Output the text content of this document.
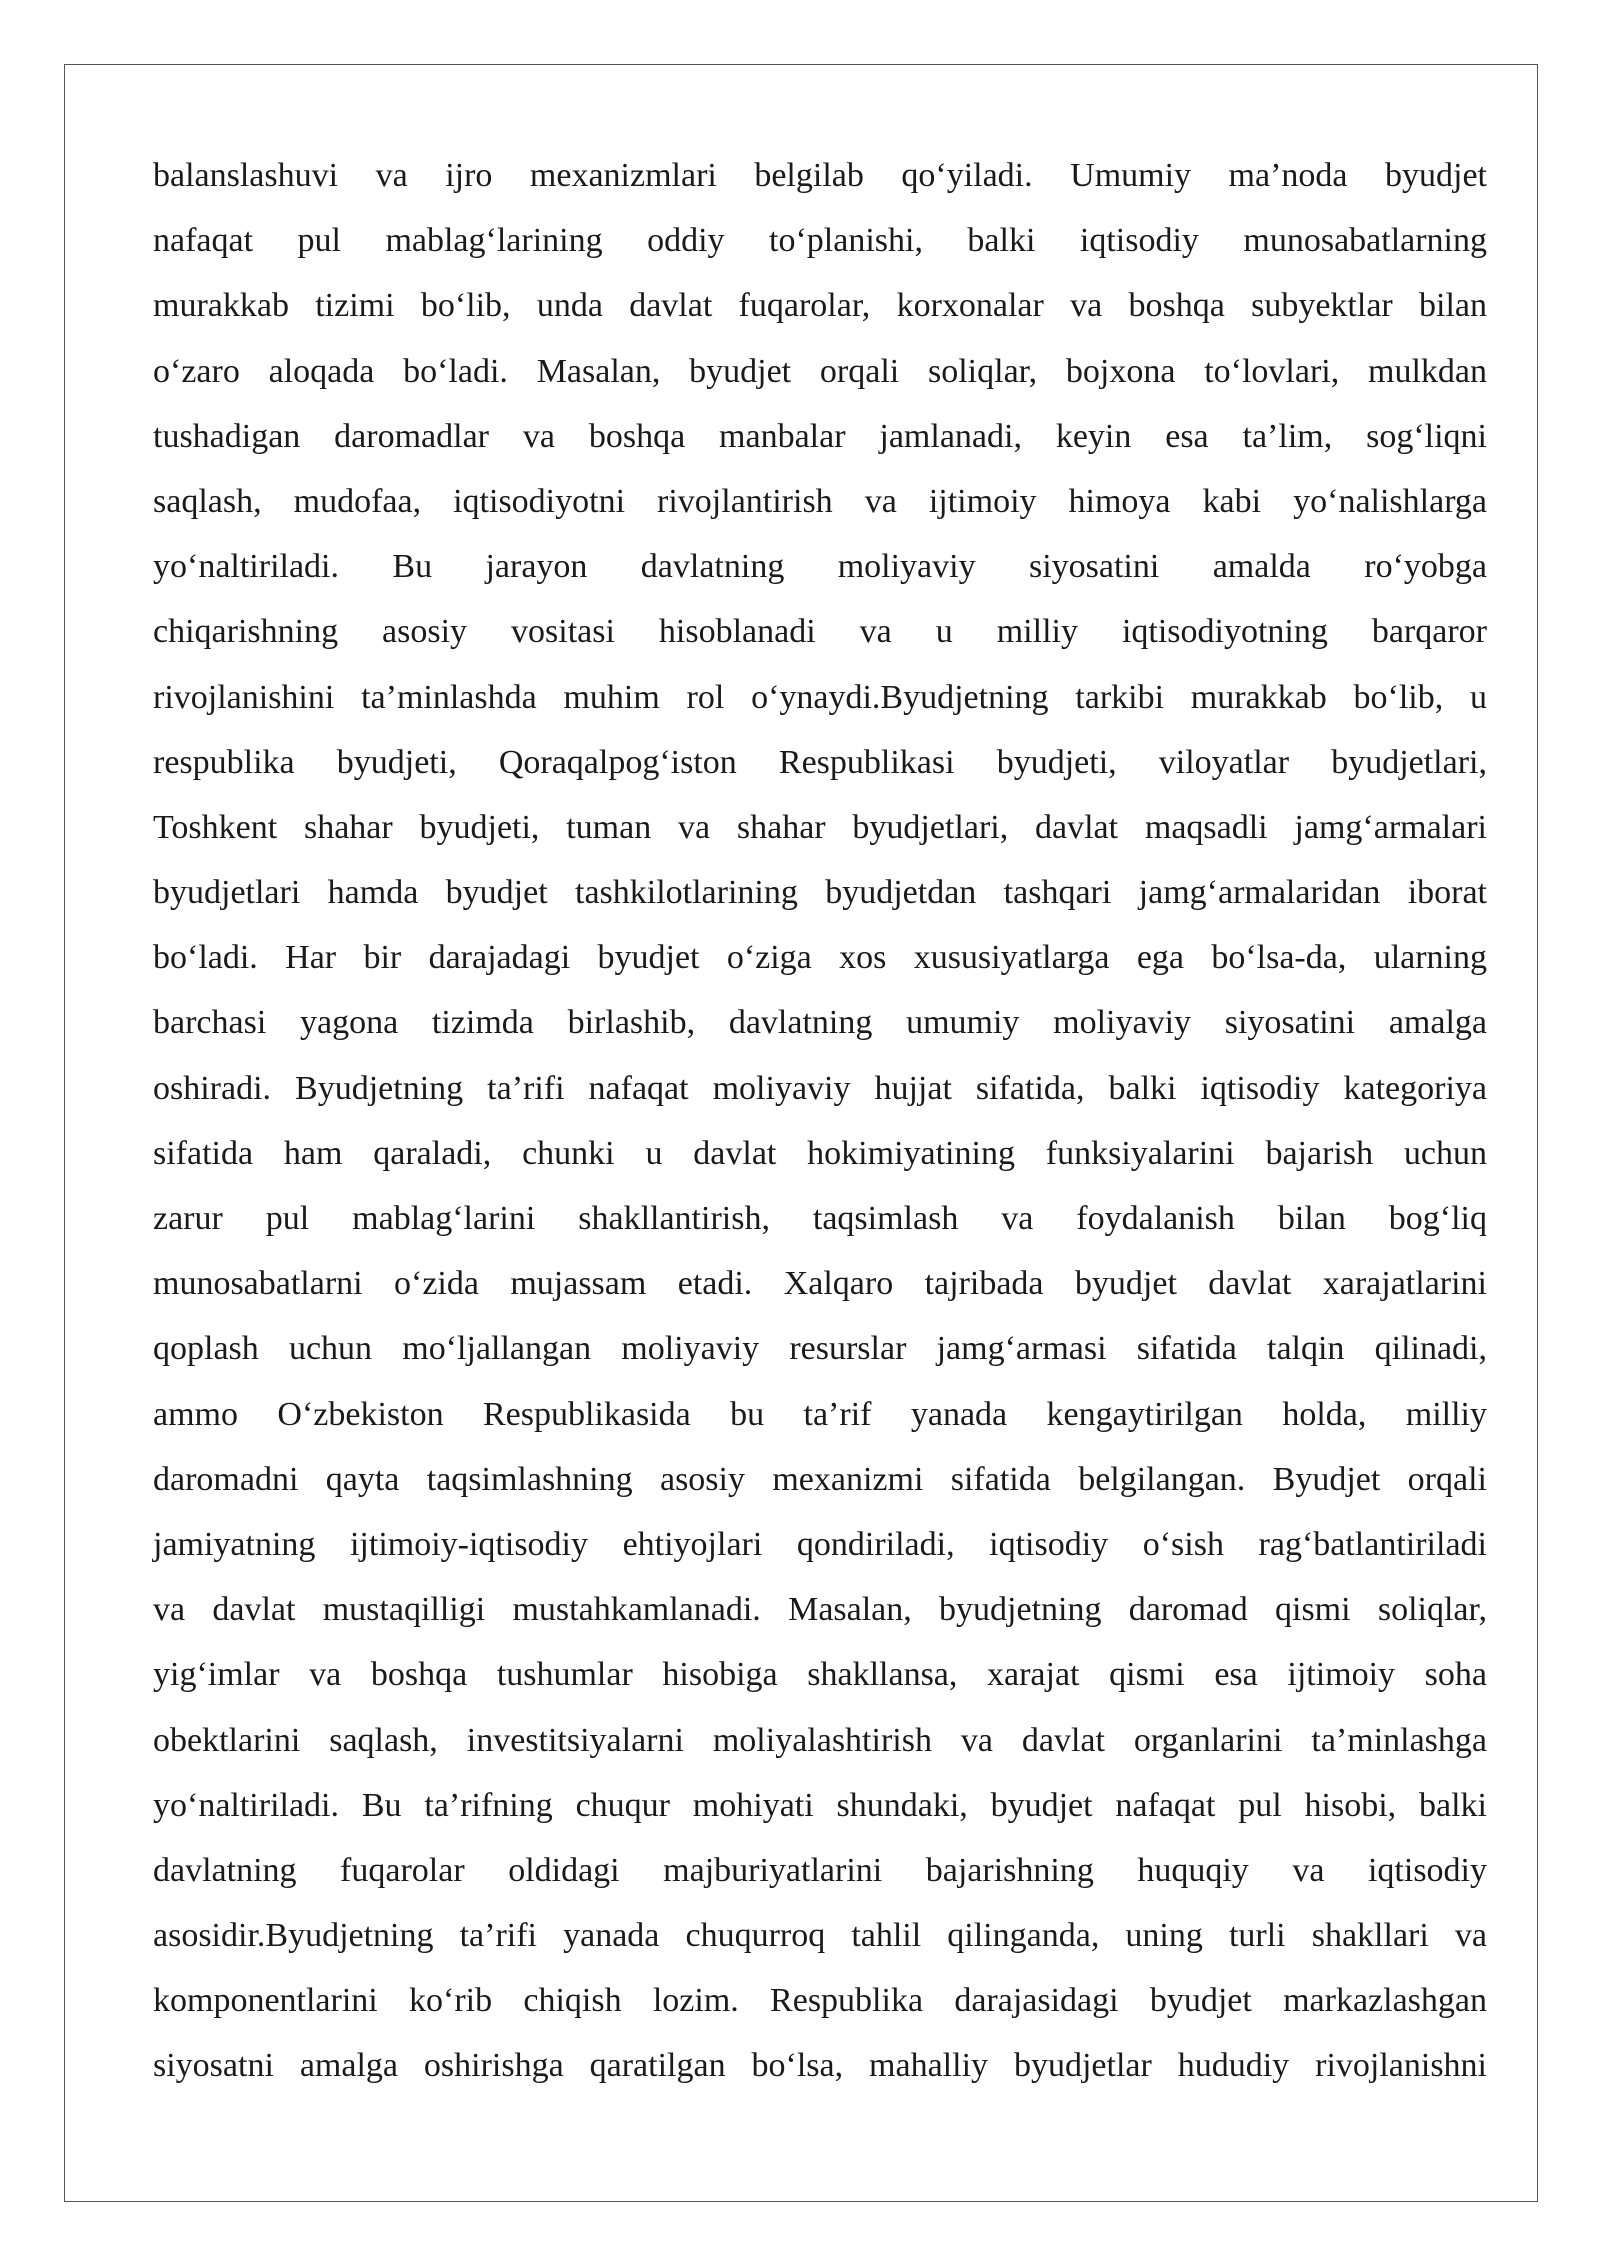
balanslashuvi va ijro mexanizmlari belgilab qo‘yiladi. Umumiy ma’noda byudjet
nafaqat pul mablag‘larining oddiy to‘planishi, balki iqtisodiy munosabatlarning
murakkab tizimi bo‘lib, unda davlat fuqarolar, korxonalar va boshqa subyektlar bilan
o‘zaro aloqada bo‘ladi. Masalan, byudjet orqali soliqlar, bojxona to‘lovlari, mulkdan
tushadigan daromadlar va boshqa manbalar jamlanadi, keyin esa ta’lim, sog‘liqni
saqlash, mudofaa, iqtisodiyotni rivojlantirish va ijtimoiy himoya kabi yo‘nalishlarga
yo‘naltiriladi. Bu jarayon davlatning moliyaviy siyosatini amalda ro‘yobga
chiqarishning asosiy vositasi hisoblanadi va u milliy iqtisodiyotning barqaror
rivojlanishini ta’minlashda muhim rol o‘ynaydi.Byudjetning tarkibi murakkab bo‘lib, u
respublika byudjeti, Qoraqalpog‘iston Respublikasi byudjeti, viloyatlar byudjetlari,
Toshkent shahar byudjeti, tuman va shahar byudjetlari, davlat maqsadli jamg‘armalari
byudjetlari hamda byudjet tashkilotlarining byudjetdan tashqari jamg‘armalaridan iborat
bo‘ladi. Har bir darajadagi byudjet o‘ziga xos xususiyatlarga ega bo‘lsa-da, ularning
barchasi yagona tizimda birlashib, davlatning umumiy moliyaviy siyosatini amalga
oshiradi. Byudjetning ta’rifi nafaqat moliyaviy hujjat sifatida, balki iqtisodiy kategoriya
sifatida ham qaraladi, chunki u davlat hokimiyatining funksiyalarini bajarish uchun
zarur pul mablag‘larini shakllantirish, taqsimlash va foydalanish bilan bog‘liq
munosabatlarni o‘zida mujassam etadi. Xalqaro tajribada byudjet davlat xarajatlarini
qoplash uchun mo‘ljallangan moliyaviy resurslar jamg‘armasi sifatida talqin qilinadi,
ammo O‘zbekiston Respublikasida bu ta’rif yanada kengaytirilgan holda, milliy
daromadni qayta taqsimlashning asosiy mexanizmi sifatida belgilangan. Byudjet orqali
jamiyatning ijtimoiy-iqtisodiy ehtiyojlari qondiriladi, iqtisodiy o‘sish rag‘batlantiriladi
va davlat mustaqilligi mustahkamlanadi. Masalan, byudjetning daromad qismi soliqlar,
yig‘imlar va boshqa tushumlar hisobiga shakllansa, xarajat qismi esa ijtimoiy soha
obektlarini saqlash, investitsiyalarni moliyalashtirish va davlat organlarini ta’minlashga
yo‘naltiriladi. Bu ta’rifning chuqur mohiyati shundaki, byudjet nafaqat pul hisobi, balki
davlatning fuqarolar oldidagi majburiyatlarini bajarishning huquqiy va iqtisodiy
asosidir.Byudjetning ta’rifi yanada chuqurroq tahlil qilinganda, uning turli shakllari va
komponentlarini ko‘rib chiqish lozim. Respublika darajasidagi byudjet markazlashgan
siyosatni amalga oshirishga qaratilgan bo‘lsa, mahalliy byudjetlar hududiy rivojlanishni
